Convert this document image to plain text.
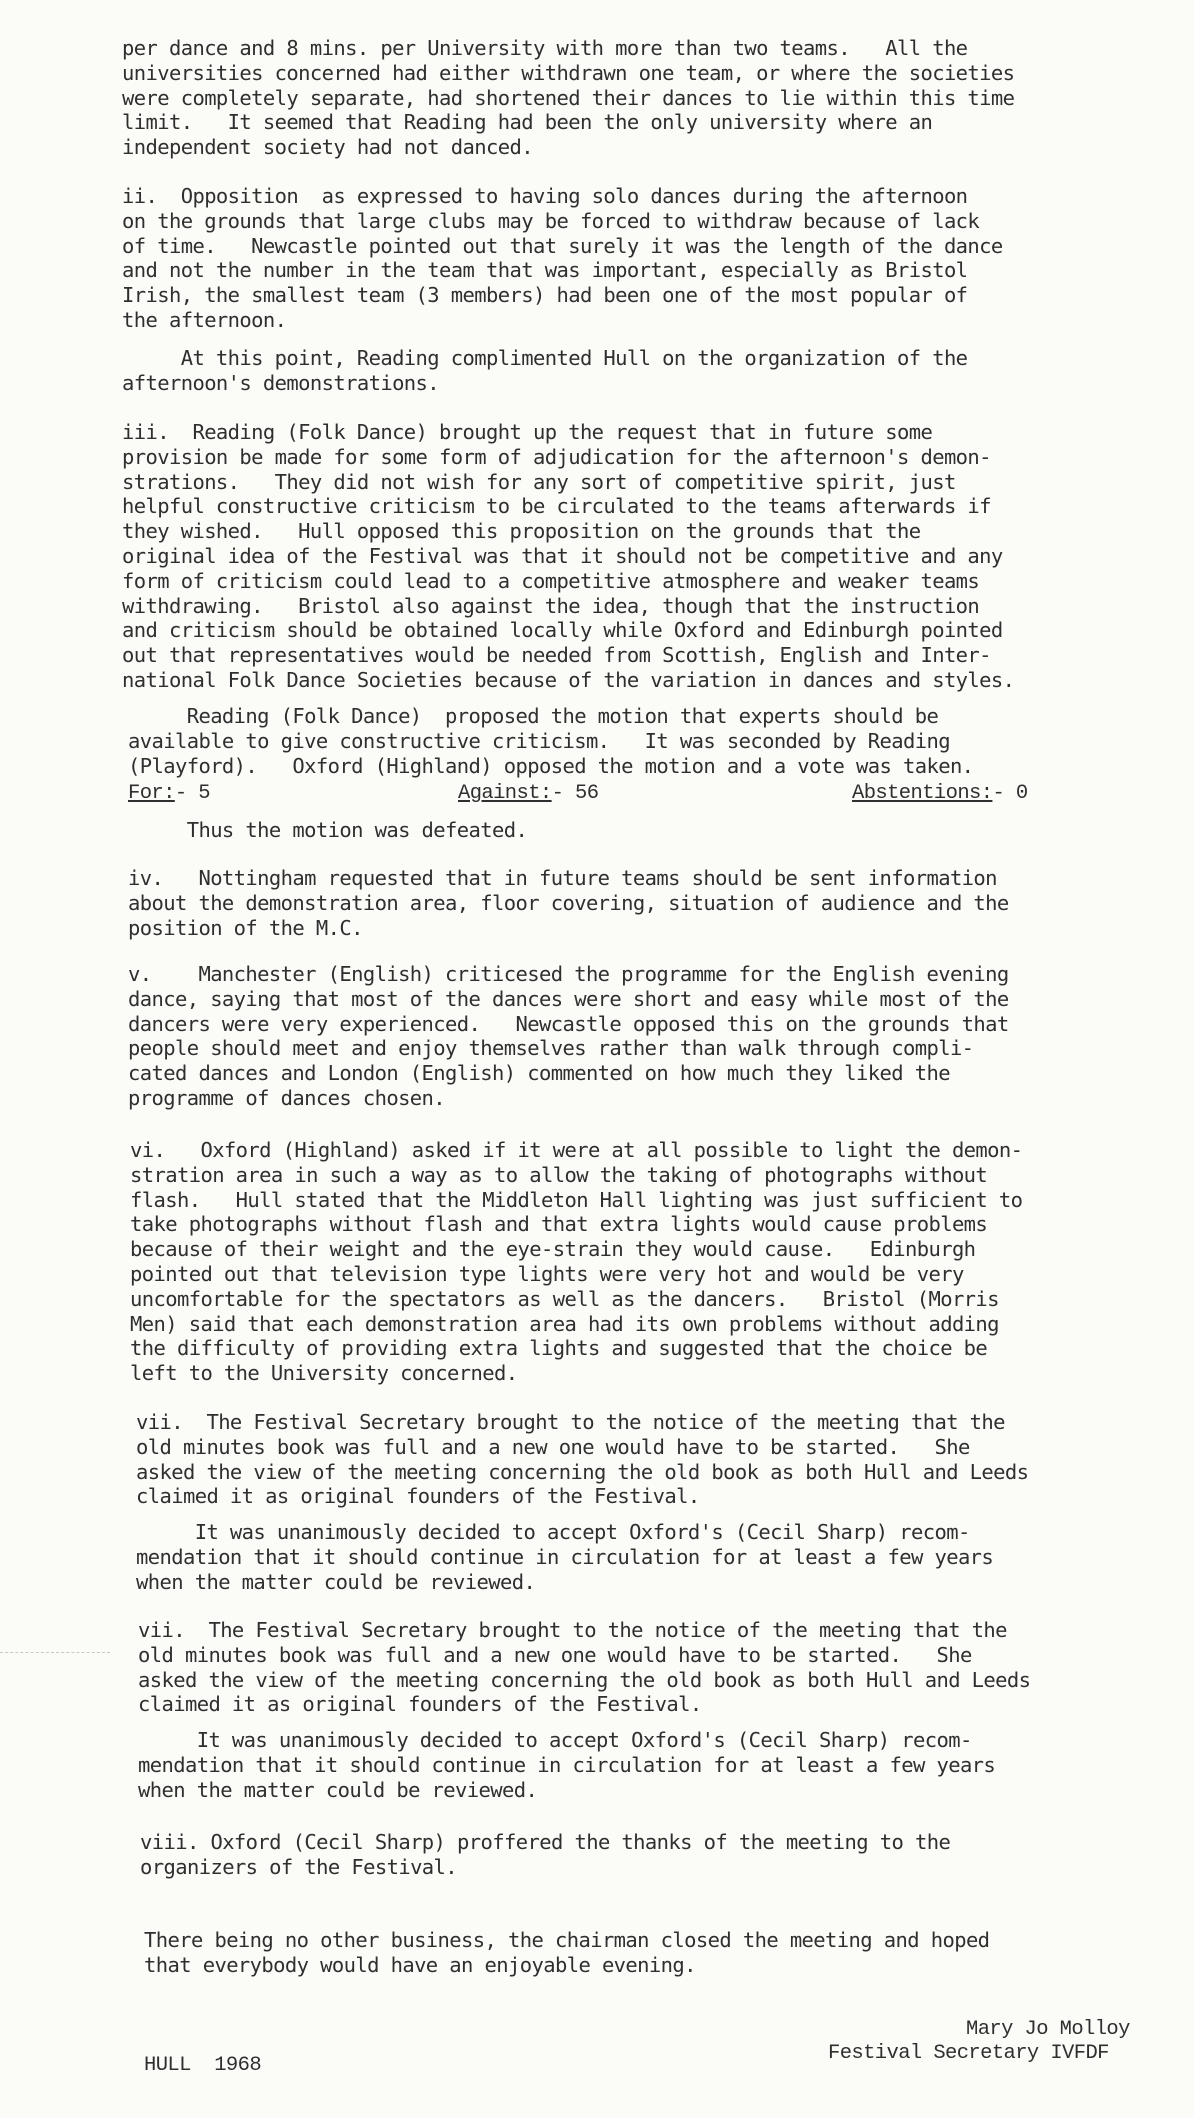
per dance and 8 mins. per University with more than two teams.   All the
universities concerned had either withdrawn one team, or where the societies
were completely separate, had shortened their dances to lie within this time
limit.   It seemed that Reading had been the only university where an
independent society had not danced.
ii.  Opposition  as expressed to having solo dances during the afternoon
on the grounds that large clubs may be forced to withdraw because of lack
of time.   Newcastle pointed out that surely it was the length of the dance
and not the number in the team that was important, especially as Bristol
Irish, the smallest team (3 members) had been one of the most popular of
the afternoon.
At this point, Reading complimented Hull on the organization of the
afternoon's demonstrations.
iii.  Reading (Folk Dance) brought up the request that in future some
provision be made for some form of adjudication for the afternoon's demon-
strations.   They did not wish for any sort of competitive spirit, just
helpful constructive criticism to be circulated to the teams afterwards if
they wished.   Hull opposed this proposition on the grounds that the
original idea of the Festival was that it should not be competitive and any
form of criticism could lead to a competitive atmosphere and weaker teams
withdrawing.   Bristol also against the idea, though that the instruction
and criticism should be obtained locally while Oxford and Edinburgh pointed
out that representatives would be needed from Scottish, English and Inter-
national Folk Dance Societies because of the variation in dances and styles.
Reading (Folk Dance)  proposed the motion that experts should be
available to give constructive criticism.   It was seconded by Reading
(Playford).   Oxford (Highland) opposed the motion and a vote was taken.
For:- 5	Against:- 56	Abstentions:- 0
Thus the motion was defeated.
iv.   Nottingham requested that in future teams should be sent information
about the demonstration area, floor covering, situation of audience and the
position of the M.C.
v.    Manchester (English) criticesed the programme for the English evening
dance, saying that most of the dances were short and easy while most of the
dancers were very experienced.   Newcastle opposed this on the grounds that
people should meet and enjoy themselves rather than walk through compli-
cated dances and London (English) commented on how much they liked the
programme of dances chosen.
vi.   Oxford (Highland) asked if it were at all possible to light the demon-
stration area in such a way as to allow the taking of photographs without
flash.   Hull stated that the Middleton Hall lighting was just sufficient to
take photographs without flash and that extra lights would cause problems
because of their weight and the eye-strain they would cause.   Edinburgh
pointed out that television type lights were very hot and would be very
uncomfortable for the spectators as well as the dancers.   Bristol (Morris
Men) said that each demonstration area had its own problems without adding
the difficulty of providing extra lights and suggested that the choice be
left to the University concerned.
vii.  The Festival Secretary brought to the notice of the meeting that the
old minutes book was full and a new one would have to be started.   She
asked the view of the meeting concerning the old book as both Hull and Leeds
claimed it as original founders of the Festival.
It was unanimously decided to accept Oxford's (Cecil Sharp) recom-
mendation that it should continue in circulation for at least a few years
when the matter could be reviewed.
vii.  The Festival Secretary brought to the notice of the meeting that the
old minutes book was full and a new one would have to be started.   She
asked the view of the meeting concerning the old book as both Hull and Leeds
claimed it as original founders of the Festival.
It was unanimously decided to accept Oxford's (Cecil Sharp) recom-
mendation that it should continue in circulation for at least a few years
when the matter could be reviewed.
viii. Oxford (Cecil Sharp) proffered the thanks of the meeting to the
organizers of the Festival.
There being no other business, the chairman closed the meeting and hoped
that everybody would have an enjoyable evening.
HULL  1968
Mary Jo Molloy
Festival Secretary IVFDF
